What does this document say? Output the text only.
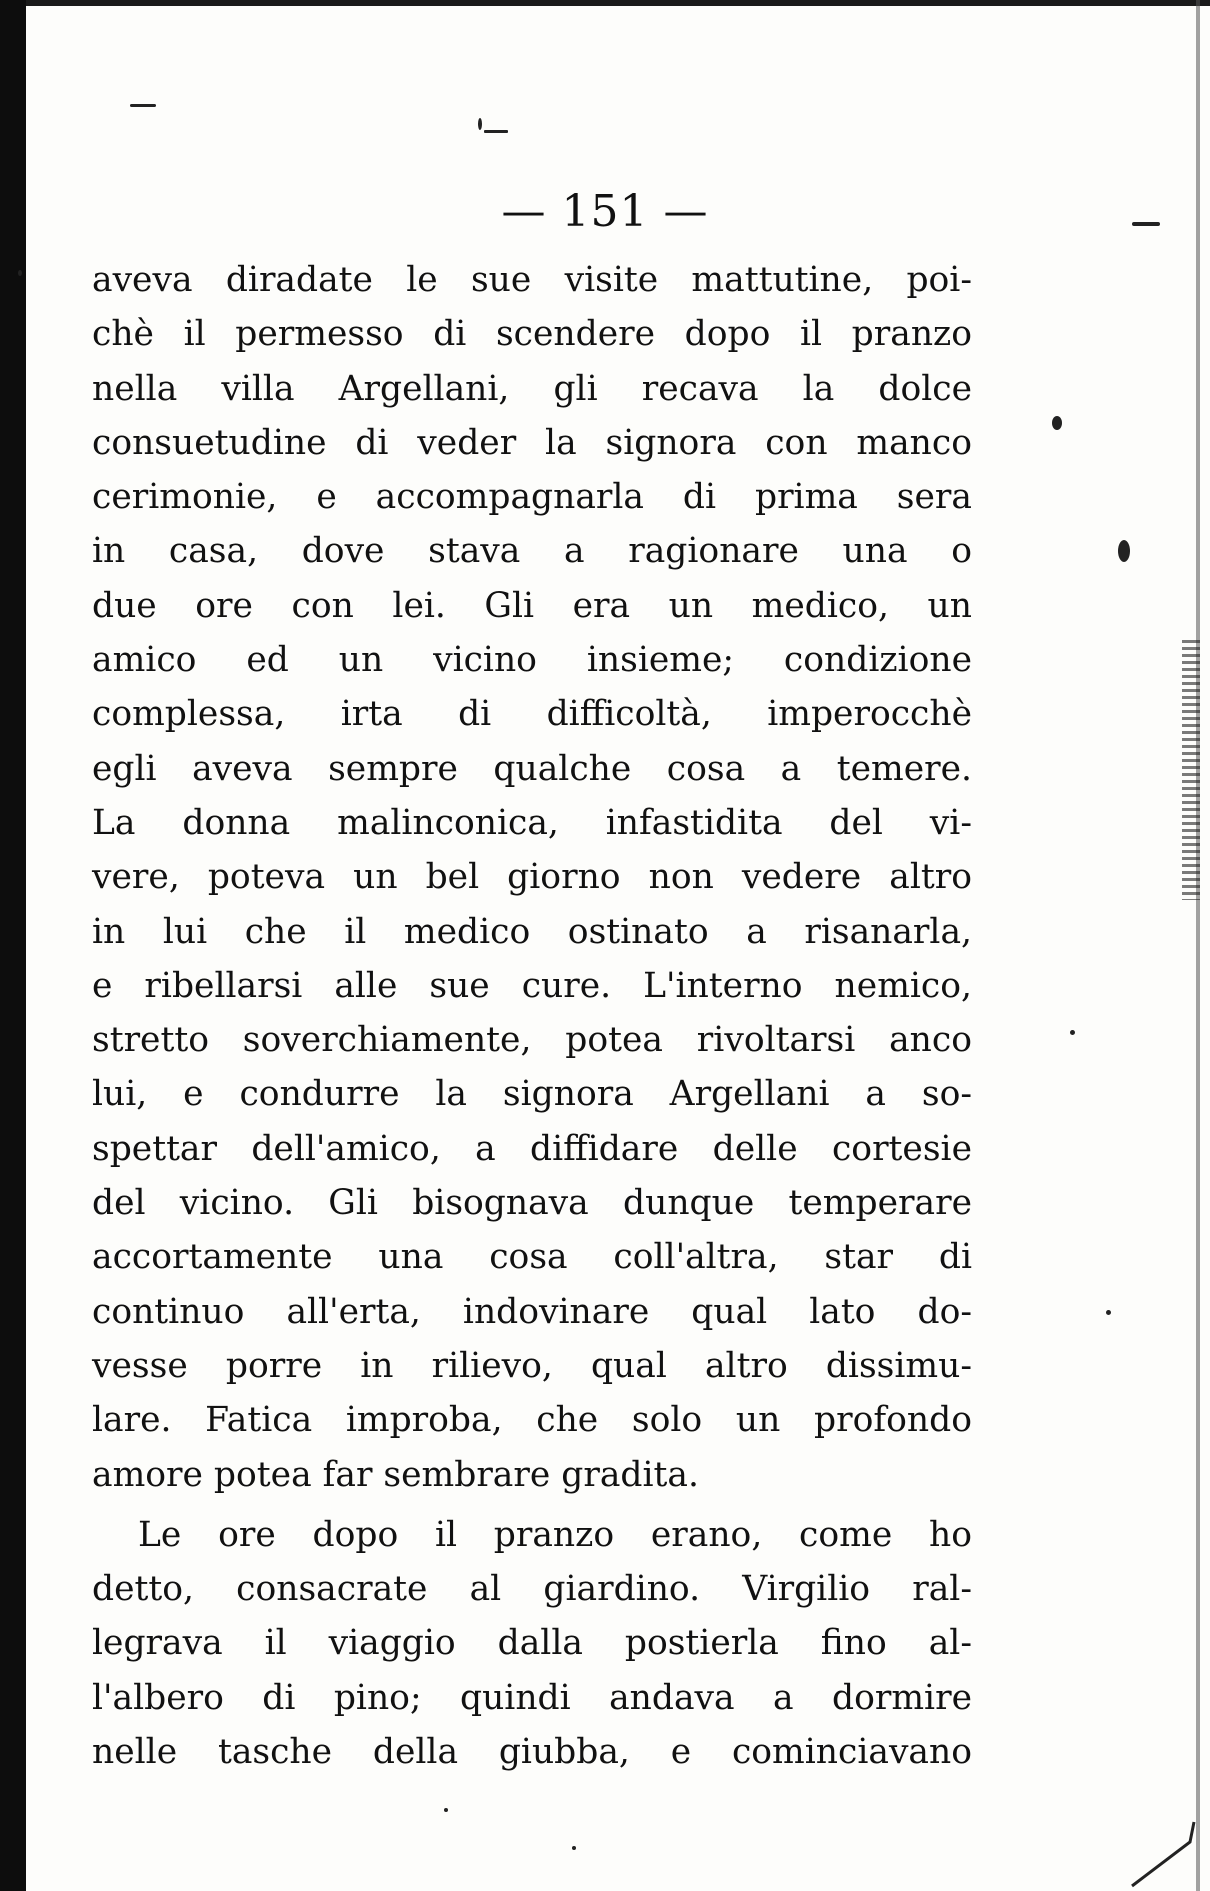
— 151 —
aveva diradate le sue visite mattutine, poi-
chè il permesso di scendere dopo il pranzo
nella villa Argellani, gli recava la dolce
consuetudine di veder la signora con manco
cerimonie, e accompagnarla di prima sera
in casa, dove stava a ragionare una o
due ore con lei. Gli era un medico, un
amico ed un vicino insieme; condizione
complessa, irta di difficoltà, imperocchè
egli aveva sempre qualche cosa a temere.
La donna malinconica, infastidita del vi-
vere, poteva un bel giorno non vedere altro
in lui che il medico ostinato a risanarla,
e ribellarsi alle sue cure. L'interno nemico,
stretto soverchiamente, potea rivoltarsi anco
lui, e condurre la signora Argellani a so-
spettar dell'amico, a diffidare delle cortesie
del vicino. Gli bisognava dunque temperare
accortamente una cosa coll'altra, star di
continuo all'erta, indovinare qual lato do-
vesse porre in rilievo, qual altro dissimu-
lare. Fatica improba, che solo un profondo
amore potea far sembrare gradita.
Le ore dopo il pranzo erano, come ho
detto, consacrate al giardino. Virgilio ral-
legrava il viaggio dalla postierla fino al-
l'albero di pino; quindi andava a dormire
nelle tasche della giubba, e cominciavano
